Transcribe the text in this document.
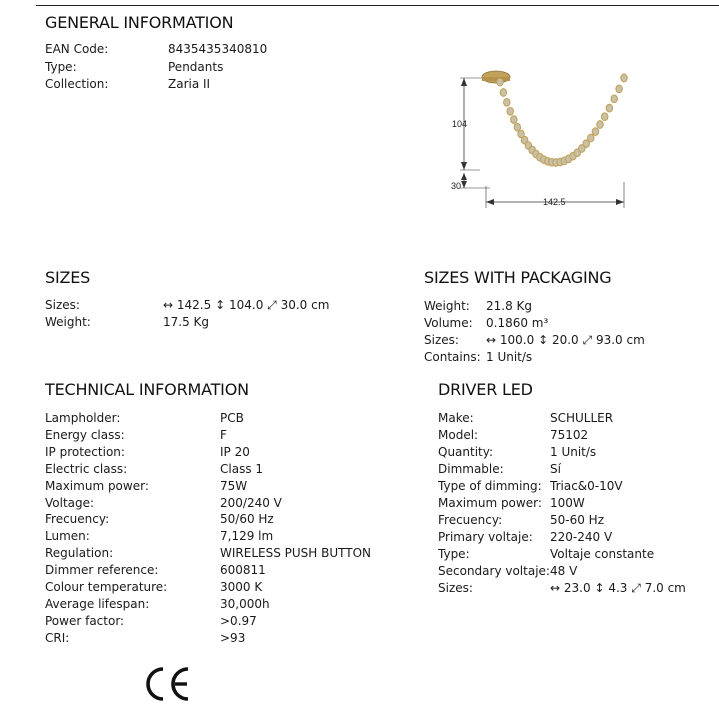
GENERAL INFORMATION
EAN Code:	8435435340810
Type:	Pendants
Collection:	Zaria II
104
30
142.5
SIZES
Sizes:	↔ 142.5 ↕ 104.0 ⤢ 30.0 cm
Weight:	17.5 Kg
SIZES WITH PACKAGING
Weight: 21.8 Kg
Volume: 0.1860 m³
Sizes: ↔ 100.0 ↕ 20.0 ⤢ 93.0 cm
Contains: 1 Unit/s
TECHNICAL INFORMATION
Lampholder:	PCB
Energy class:	F
IP protection:	IP 20
Electric class:	Class 1
Maximum power:	75W
Voltage:	200/240 V
Frecuency:	50/60 Hz
Lumen:	7,129 lm
Regulation:	WIRELESS PUSH BUTTON
Dimmer reference:	600811
Colour temperature:	3000 K
Average lifespan:	30,000h
Power factor:	>0.97
CRI:	>93
DRIVER LED
Make:	SCHULLER
Model:	75102
Quantity:	1 Unit/s
Dimmable:	Sí
Type of dimming: Triac&0-10V
Maximum power: 100W
Frecuency:	50-60 Hz
Primary voltaje: 220-240 V
Type:	Voltaje constante
Secondary voltaje: 48 V
Sizes:	↔ 23.0 ↕ 4.3 ⤢ 7.0 cm
